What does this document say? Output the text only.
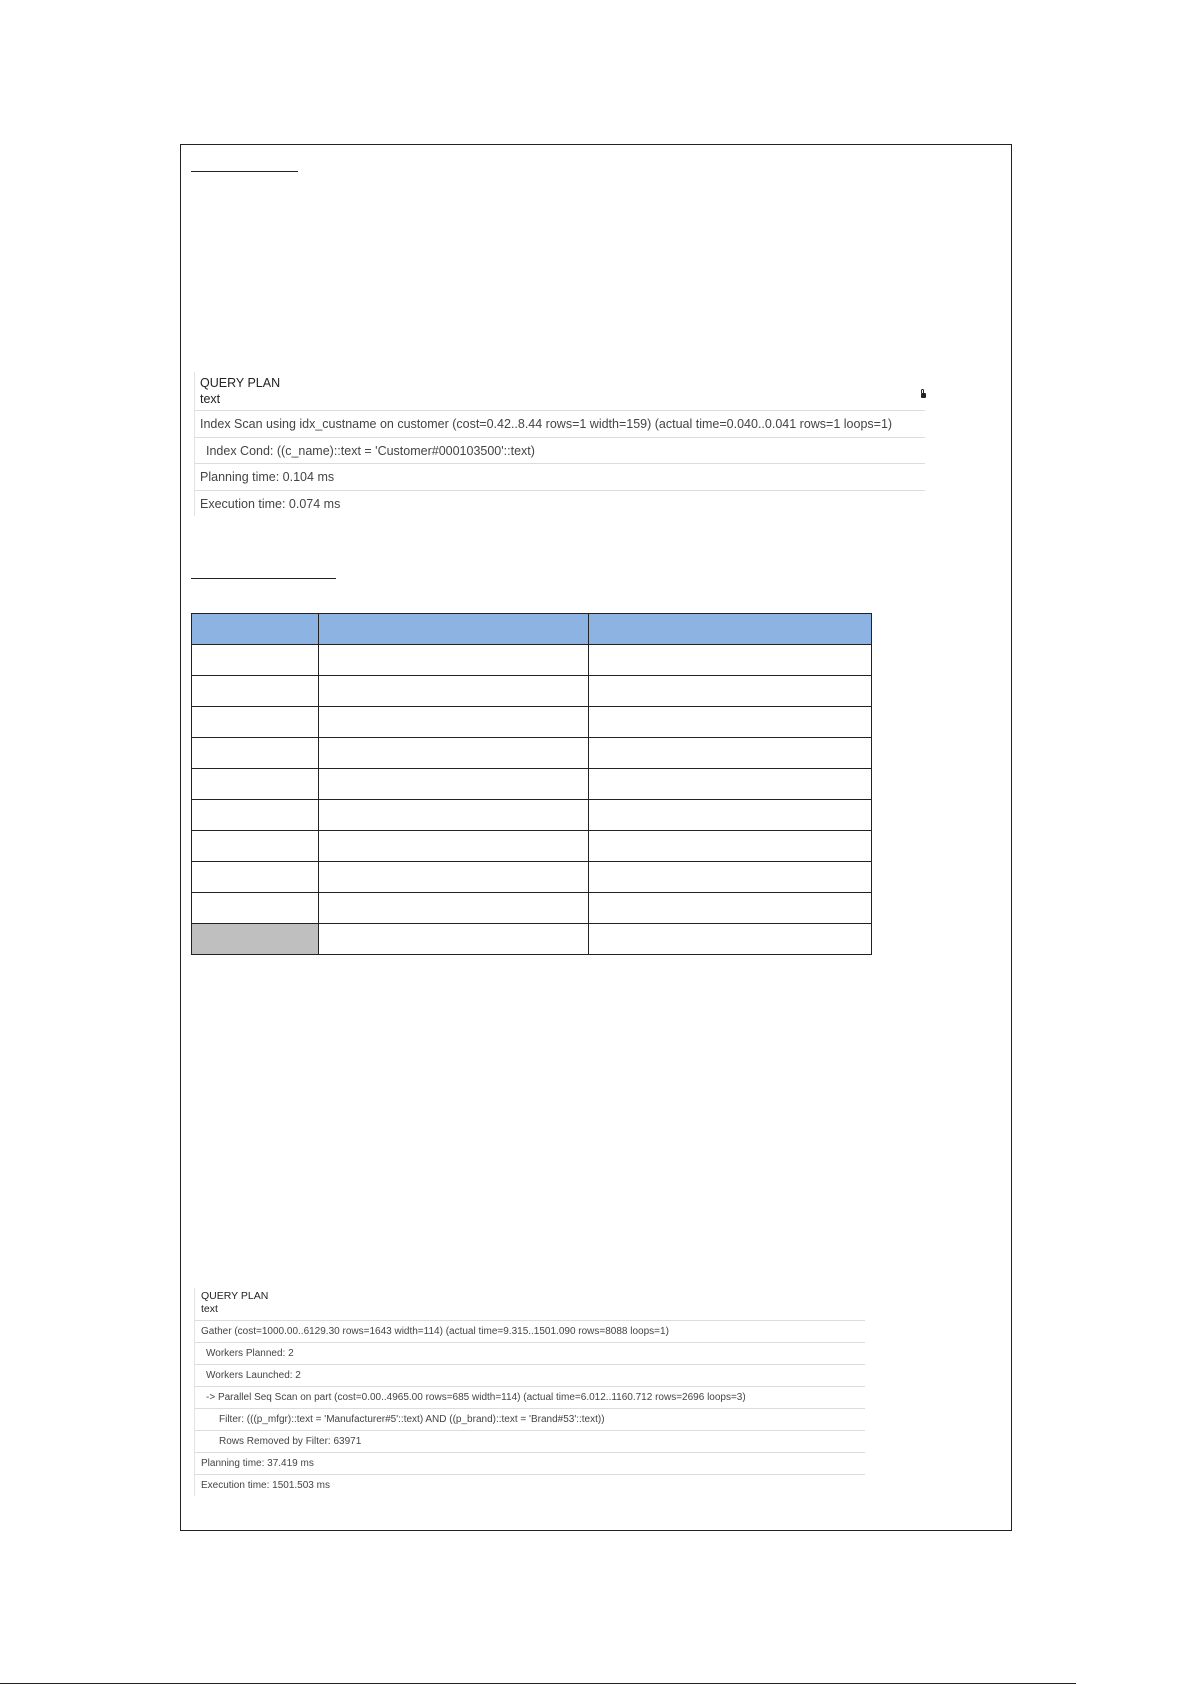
QUERY PLAN
text
Index Scan using idx_custname on customer (cost=0.42..8.44 rows=1 width=159) (actual time=0.040..0.041 rows=1 loops=1)
Index Cond: ((c_name)::text = 'Customer#000103500'::text)
Planning time: 0.104 ms
Execution time: 0.074 ms

QUERY PLAN
text
Gather (cost=1000.00..6129.30 rows=1643 width=114) (actual time=9.315..1501.090 rows=8088 loops=1)
Workers Planned: 2
Workers Launched: 2
-> Parallel Seq Scan on part (cost=0.00..4965.00 rows=685 width=114) (actual time=6.012..1160.712 rows=2696 loops=3)
Filter: (((p_mfgr)::text = 'Manufacturer#5'::text) AND ((p_brand)::text = 'Brand#53'::text))
Rows Removed by Filter: 63971
Planning time: 37.419 ms
Execution time: 1501.503 ms
